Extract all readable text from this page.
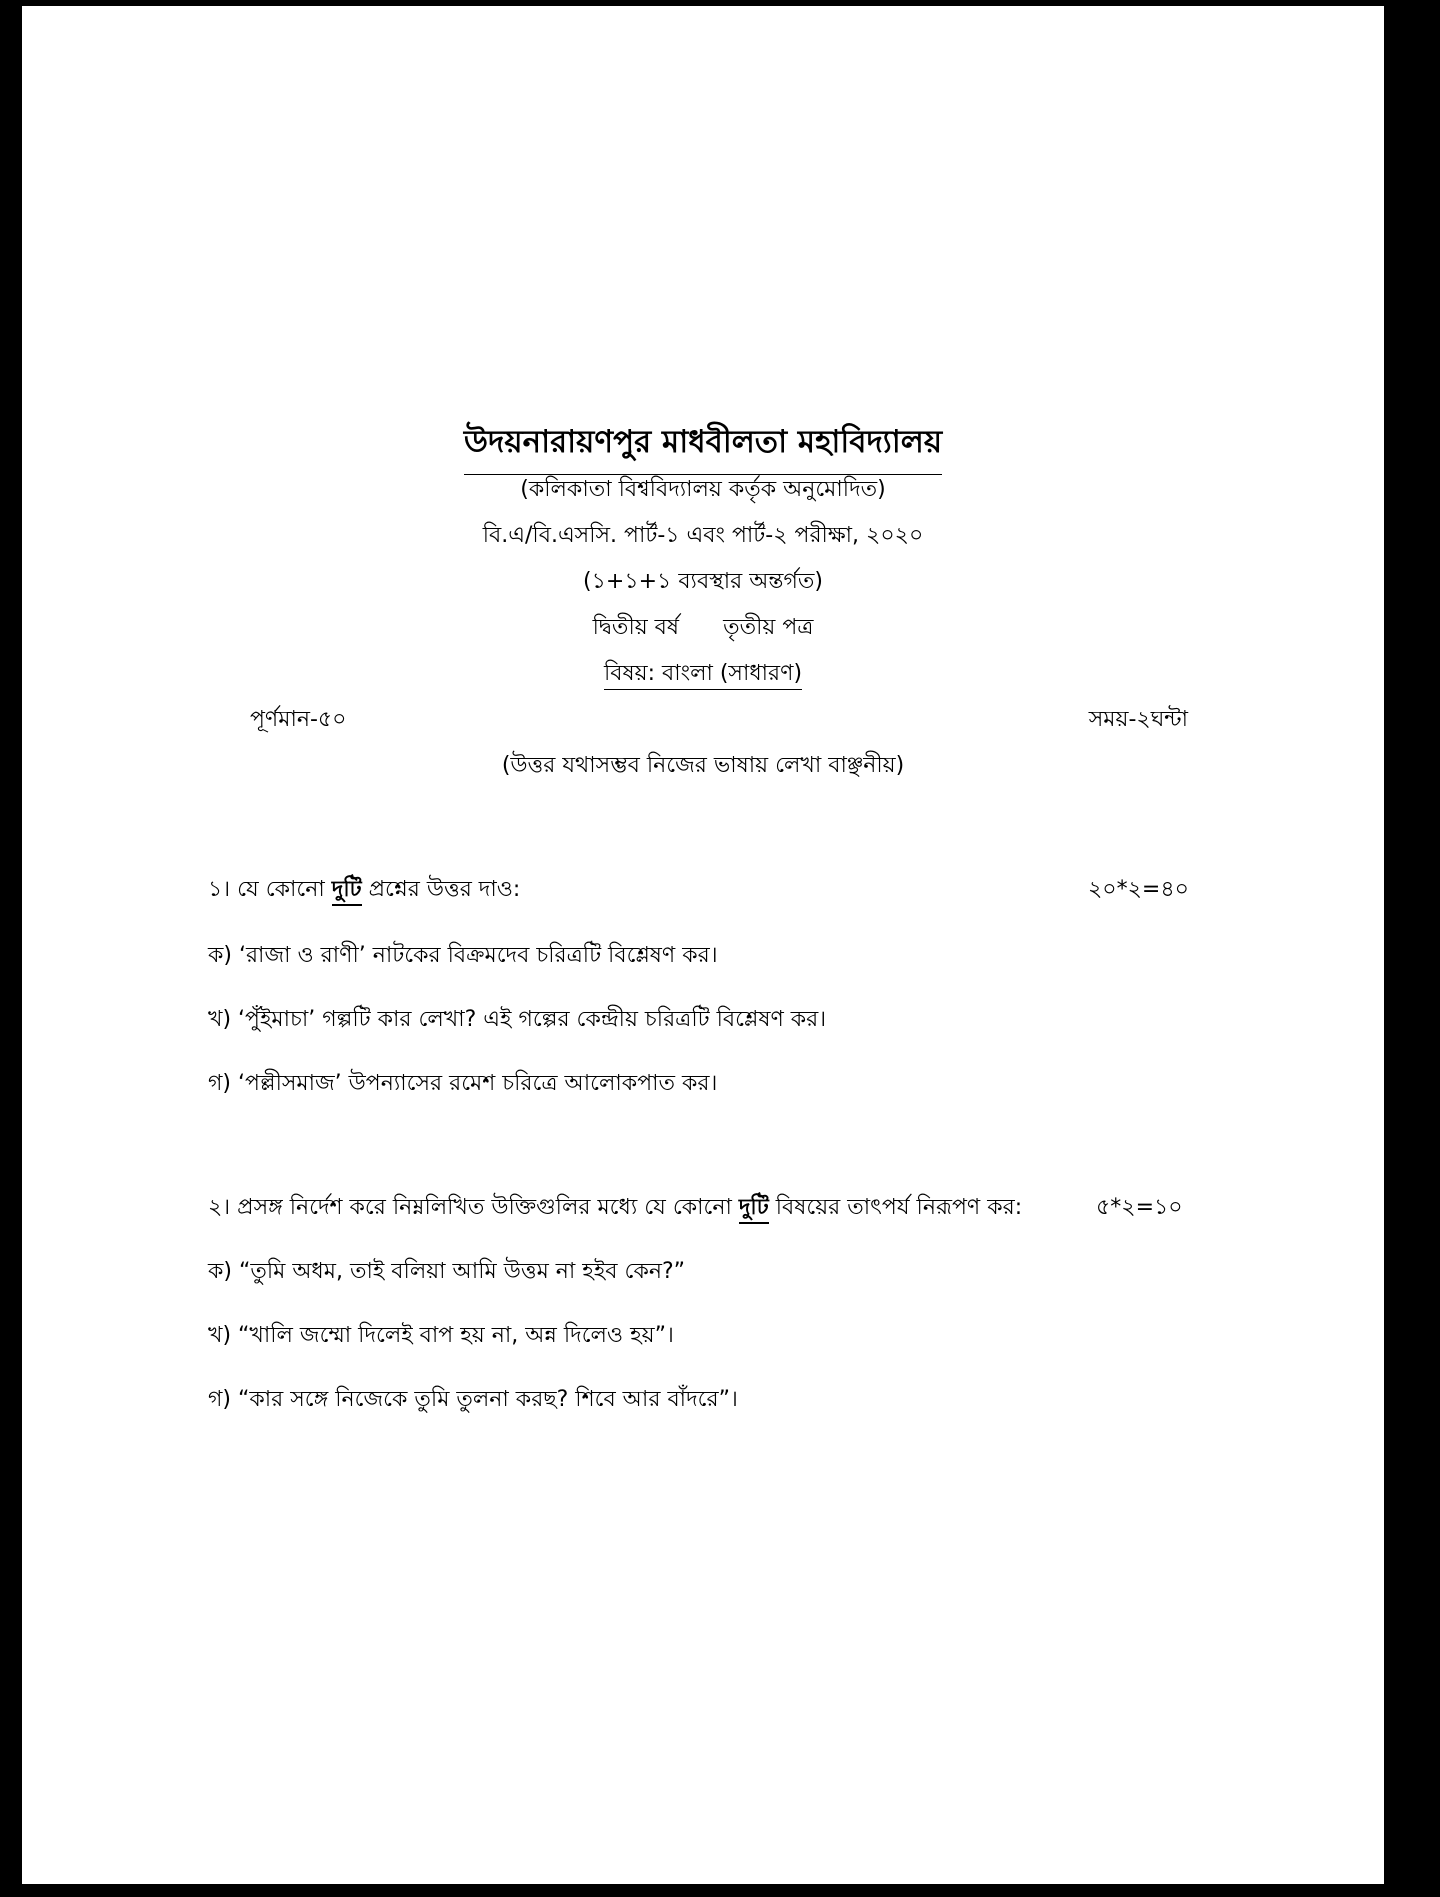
উদয়নারায়ণপুর মাধবীলতা মহাবিদ্যালয়
(কলিকাতা বিশ্ববিদ্যালয় কর্তৃক অনুমোদিত)
বি.এ/বি.এসসি. পার্ট-১ এবং পার্ট-২ পরীক্ষা, ২০২০
(১+১+১ ব্যবস্থার অন্তর্গত)
দ্বিতীয় বর্ষ তৃতীয় পত্র
বিষয়: বাংলা (সাধারণ)
পূর্ণমান-৫০	সময়-২ঘন্টা
(উত্তর যথাসম্ভব নিজের ভাষায় লেখা বাঞ্ছনীয়)
১। যে কোনো দুটি প্রশ্নের উত্তর দাও:	২০*২=৪০
ক) ‘রাজা ও রাণী’ নাটকের বিক্রমদেব চরিত্রটি বিশ্লেষণ কর।
খ) ‘পুঁইমাচা’ গল্পটি কার লেখা? এই গল্পের কেন্দ্রীয় চরিত্রটি বিশ্লেষণ কর।
গ) ‘পল্লীসমাজ’ উপন্যাসের রমেশ চরিত্রে আলোকপাত কর।
২। প্রসঙ্গ নির্দেশ করে নিম্নলিখিত উক্তিগুলির মধ্যে যে কোনো দুটি বিষয়ের তাৎপর্য নিরূপণ কর:	৫*২=১০
ক) “তুমি অধম, তাই বলিয়া আমি উত্তম না হইব কেন?”
খ) “খালি জম্মো দিলেই বাপ হয় না, অন্ন দিলেও হয়”।
গ) “কার সঙ্গে নিজেকে তুমি তুলনা করছ? শিবে আর বাঁদরে”।
